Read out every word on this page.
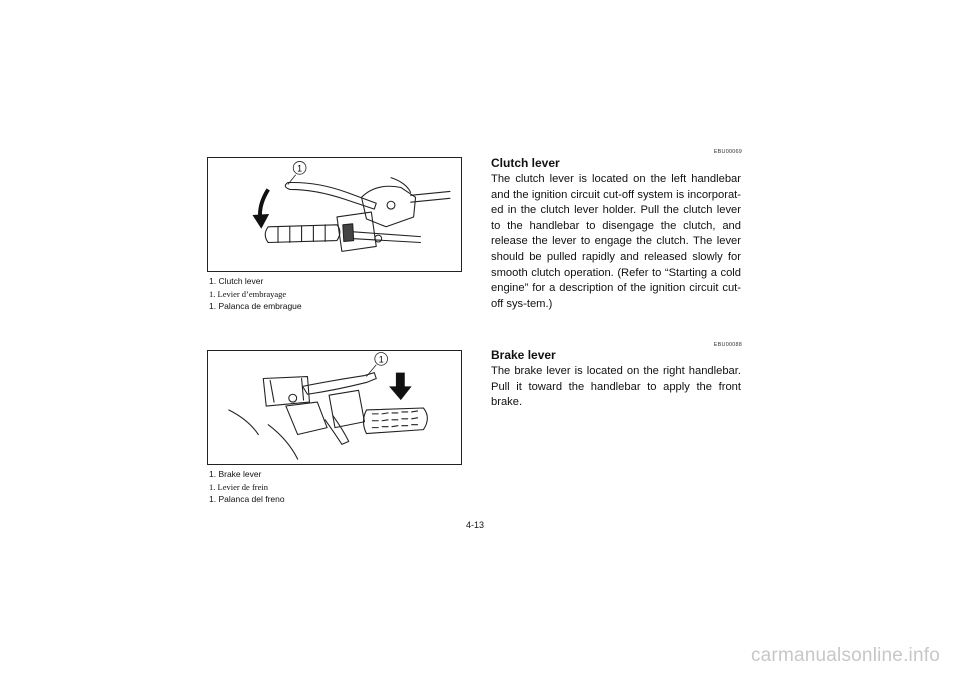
1
1. Clutch lever
1. Levier d’embrayage
1. Palanca de embrague
1
1. Brake lever
1. Levier de frein
1. Palanca del freno
EBU00069
Clutch lever
The clutch lever is located on the left handlebar and the ignition circuit cut-off system is incorporat-ed in the clutch lever holder. Pull the clutch lever to the handlebar to disengage the clutch, and release the lever to engage the clutch. The lever should be pulled rapidly and released slowly for smooth clutch operation. (Refer to “Starting a cold engine” for a description of the ignition circuit cut-off sys-tem.)
EBU00088
Brake lever
The brake lever is located on the right handlebar. Pull it toward the handlebar to apply the front brake.
4-13
carmanualsonline.info
